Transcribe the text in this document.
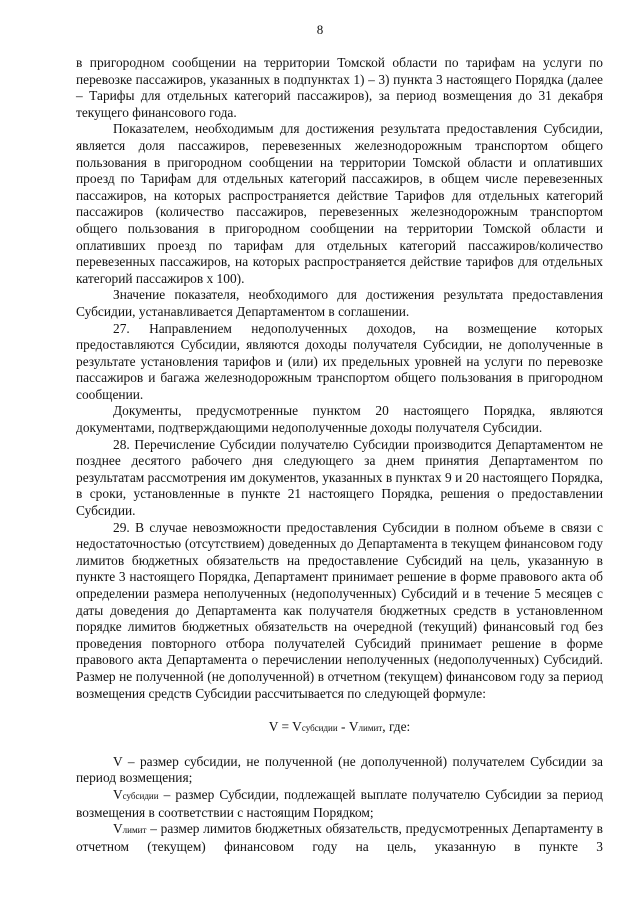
8

в пригородном сообщении на территории Томской области по тарифам на услуги по перевозке пассажиров, указанных в подпунктах 1) – 3) пункта 3 настоящего Порядка (далее – Тарифы для отдельных категорий пассажиров), за период возмещения до 31 декабря текущего финансового года.

Показателем, необходимым для достижения результата предоставления Субсидии, является доля пассажиров, перевезенных железнодорожным транспортом общего пользования в пригородном сообщении на территории Томской области и оплативших проезд по Тарифам для отдельных категорий пассажиров, в общем числе перевезенных пассажиров, на которых распространяется действие Тарифов для отдельных категорий пассажиров (количество пассажиров, перевезенных железнодорожным транспортом общего пользования в пригородном сообщении на территории Томской области и оплативших проезд по тарифам для отдельных категорий пассажиров/количество перевезенных пассажиров, на которых распространяется действие тарифов для отдельных категорий пассажиров x 100).

Значение показателя, необходимого для достижения результата предоставления Субсидии, устанавливается Департаментом в соглашении.

27. Направлением недополученных доходов, на возмещение которых предоставляются Субсидии, являются доходы получателя Субсидии, не дополученные в результате установления тарифов и (или) их предельных уровней на услуги по перевозке пассажиров и багажа железнодорожным транспортом общего пользования в пригородном сообщении.

Документы, предусмотренные пунктом 20 настоящего Порядка, являются документами, подтверждающими недополученные доходы получателя Субсидии.

28. Перечисление Субсидии получателю Субсидии производится Департаментом не позднее десятого рабочего дня следующего за днем принятия Департаментом по результатам рассмотрения им документов, указанных в пунктах 9 и 20 настоящего Порядка, в сроки, установленные в пункте 21 настоящего Порядка, решения о предоставлении Субсидии.

29. В случае невозможности предоставления Субсидии в полном объеме в связи с недостаточностью (отсутствием) доведенных до Департамента в текущем финансовом году лимитов бюджетных обязательств на предоставление Субсидий на цель, указанную в пункте 3 настоящего Порядка, Департамент принимает решение в форме правового акта об определении размера неполученных (недополученных) Субсидий и в течение 5 месяцев с даты доведения до Департамента как получателя бюджетных средств в установленном порядке лимитов бюджетных обязательств на очередной (текущий) финансовый год без проведения повторного отбора получателей Субсидий принимает решение в форме правового акта Департамента о перечислении неполученных (недополученных) Субсидий. Размер не полученной (не дополученной) в отчетном (текущем) финансовом году за период возмещения средств Субсидии рассчитывается по следующей формуле:

V = Vсубсидии - Vлимит, где:

V – размер субсидии, не полученной (не дополученной) получателем Субсидии за период возмещения;

Vсубсидии – размер Субсидии, подлежащей выплате получателю Субсидии за период возмещения в соответствии с настоящим Порядком;

Vлимит – размер лимитов бюджетных обязательств, предусмотренных Департаменту в отчетном (текущем) финансовом году на цель, указанную в пункте 3
